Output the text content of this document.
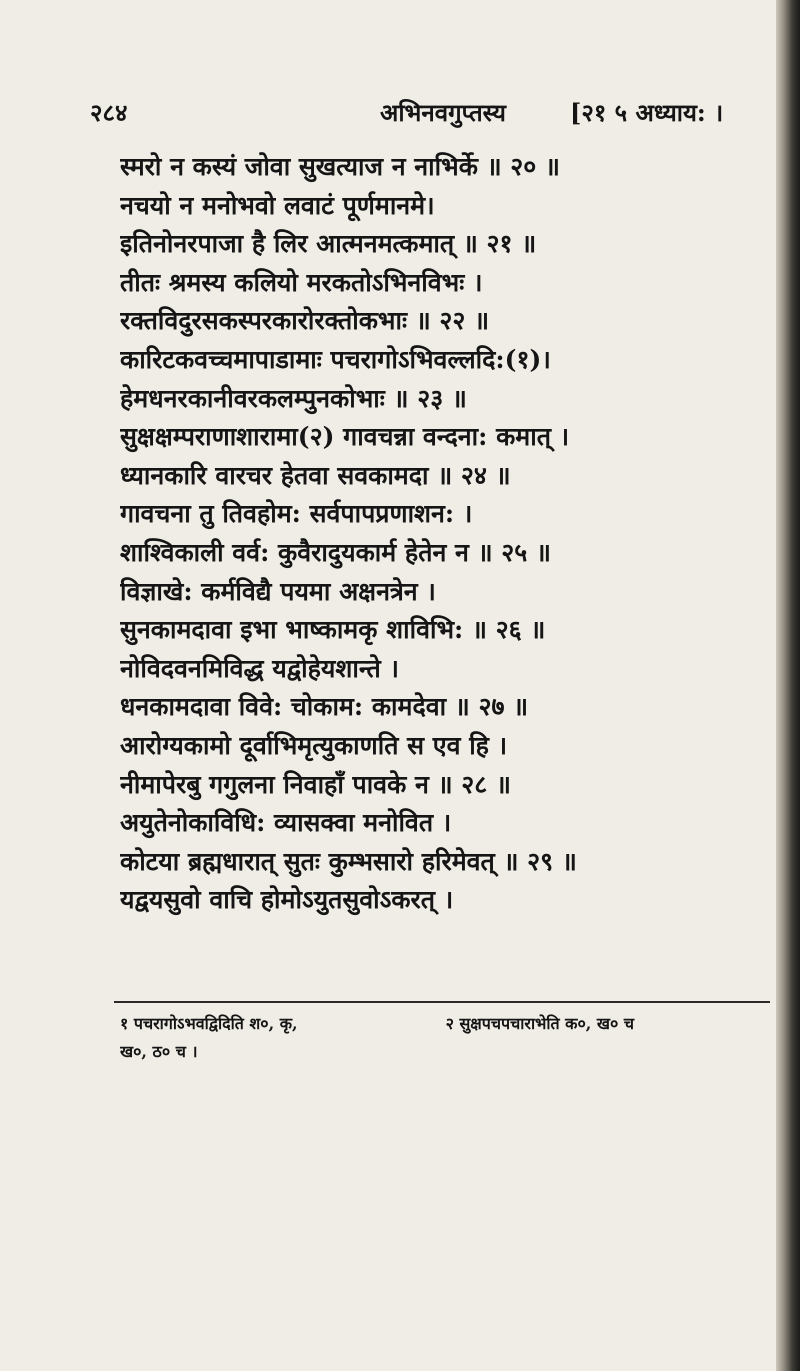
२८४	अभिनवगुप्तस्य	[२१ ५ अध्याय: ।
स्मरो न कस्यं जोवा सुखत्याज न नाभिर्के ॥ २० ॥
नचयो न मनोभवो लवाटं पूर्णमानमे।
इतिनोनरपाजा है लिर आत्मनमत्कमात् ॥ २१ ॥
तीतः श्रमस्य कलियो मरकतोऽभिनविभः ।
रक्तविदुरसकस्परकारोरक्तोकभाः ॥ २२ ॥
कारिटकवच्चमापाडामाः पचरागोऽभिवल्लदि:(१)।
हेमधनरकानीवरकलम्पुनकोभाः ॥ २३ ॥
सुक्षक्षम्पराणाशारामा(२) गावचन्ना वन्दना: कमात् ।
ध्यानकारि वारचर हेतवा सवकामदा ॥ २४ ॥
गावचना तु तिवहोम: सर्वपापप्रणाशन: ।
शाश्विकाली वर्व: कुवैरादुयकार्म हेतेन न ॥ २५ ॥
विज्ञाखे: कर्मविद्यै पयमा अक्षनत्रेन ।
सुनकामदावा इभा भाष्कामकृ शाविभि: ॥ २६ ॥
नोविदवनमिविद्ध यद्वोहेयशान्ते ।
धनकामदावा विवे: चोकाम: कामदेवा ॥ २७ ॥
आरोग्यकामो दूर्वाभिमृत्युकाणति स एव हि ।
नीमापेरबु गगुलना निवाहाँ पावके न ॥ २८ ॥
अयुतेनोकाविधि: व्यासक्वा मनोवित ।
कोटया ब्रह्मधारात् सुतः कुम्भसारो हरिमेवत् ॥ २९ ॥
यद्वयसुवो वाचि होमोऽयुतसुवोऽकरत् ।
१ पचरागोऽभवद्विदिति श०, कृ,	२ सुक्षपचपचाराभेति क०, ख० च
ख०, ठ० च ।
